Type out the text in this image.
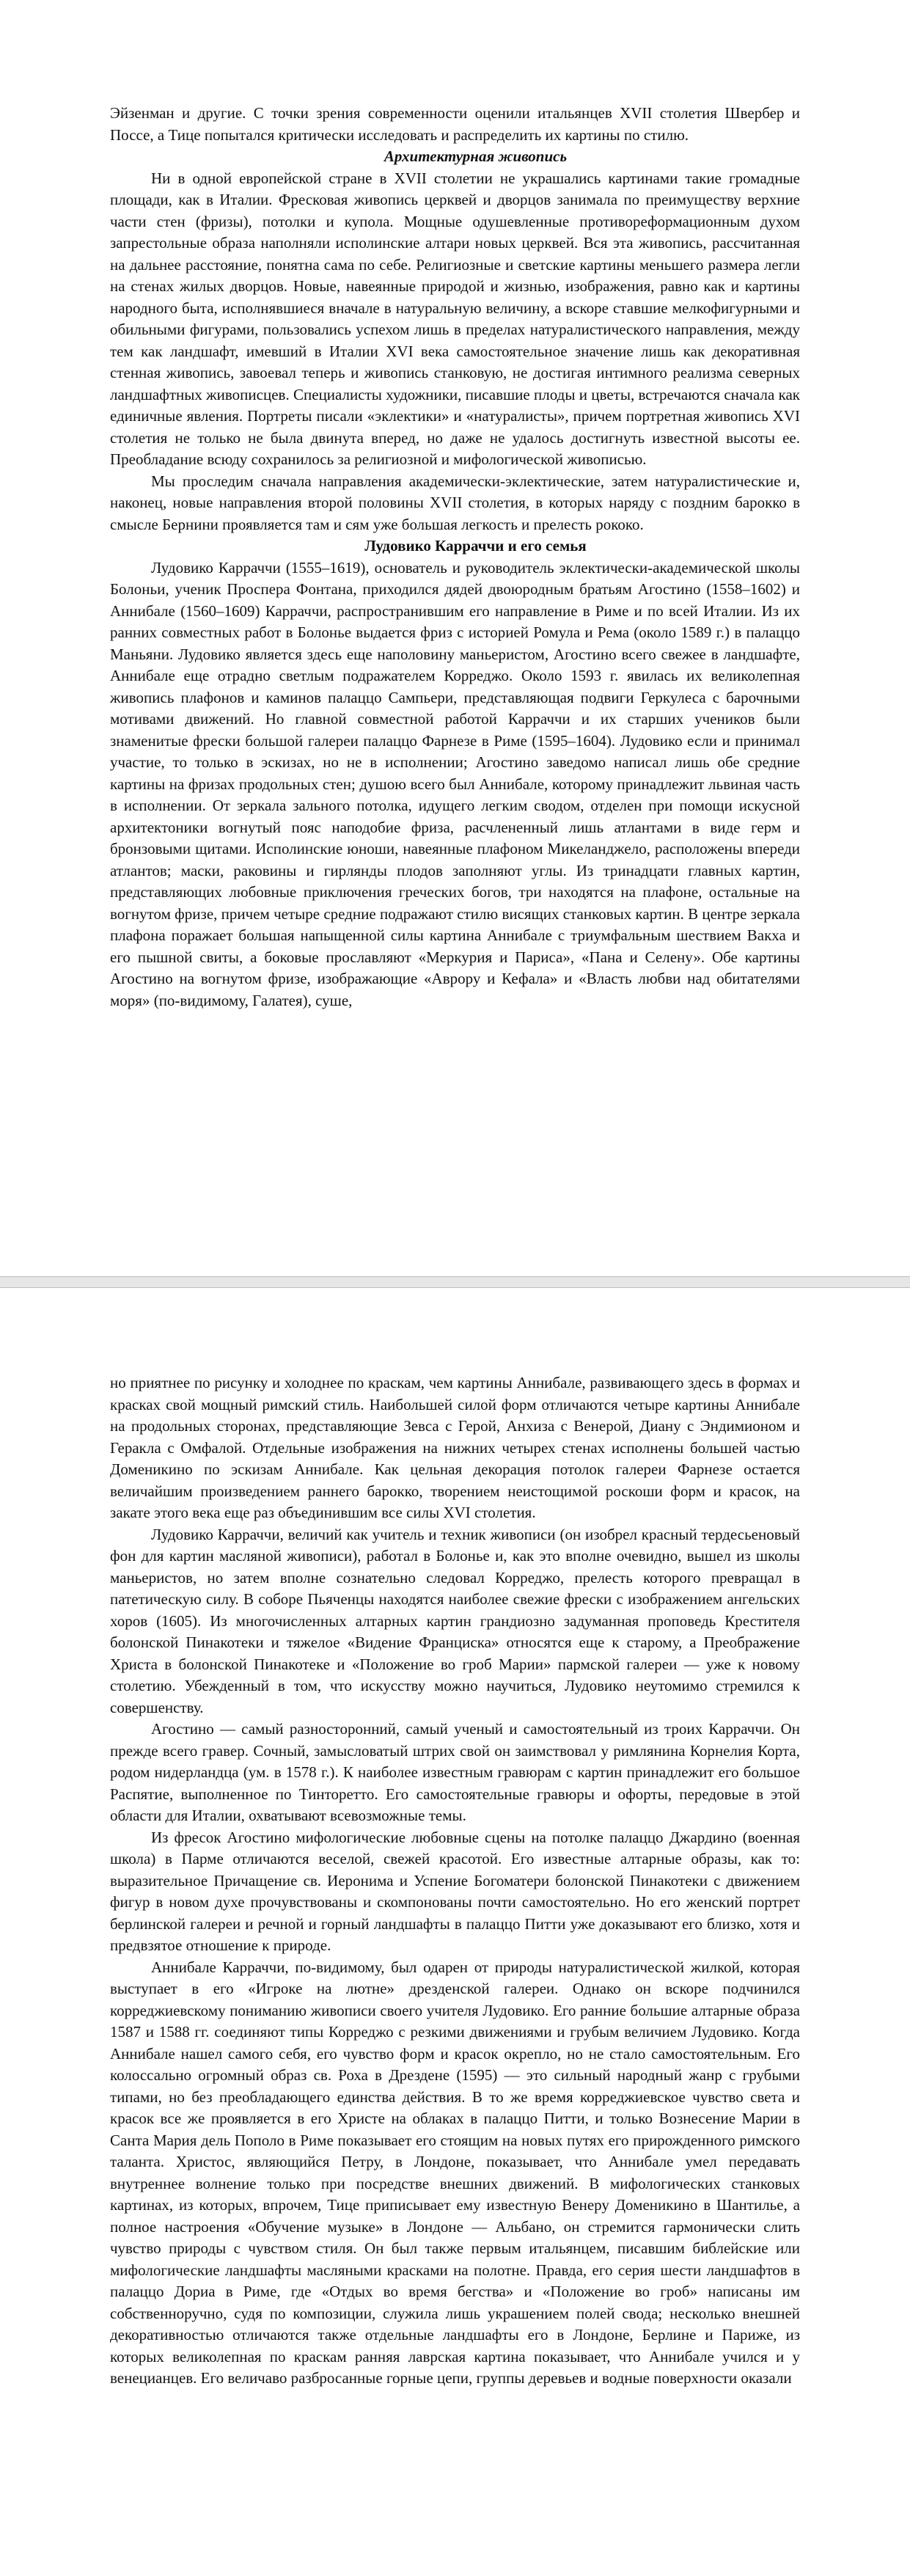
Эйзенман и другие. С точки зрения современности оценили итальянцев XVII столетия Швербер и Поссе, а Тице попытался критически исследовать и распределить их картины по стилю.

Архитектурная живопись

Ни в одной европейской стране в XVII столетии не украшались картинами такие громадные площади, как в Италии. Фресковая живопись церквей и дворцов занимала по преимуществу верхние части стен (фризы), потолки и купола. Мощные одушевленные противореформационным духом запрестольные образа наполняли исполинские алтари новых церквей. Вся эта живопись, рассчитанная на дальнее расстояние, понятна сама по себе. Религиозные и светские картины меньшего размера легли на стенах жилых дворцов. Новые, навеянные природой и жизнью, изображения, равно как и картины народного быта, исполнявшиеся вначале в натуральную величину, а вскоре ставшие мелкофигурными и обильными фигурами, пользовались успехом лишь в пределах натуралистического направления, между тем как ландшафт, имевший в Италии XVI века самостоятельное значение лишь как декоративная стенная живопись, завоевал теперь и живопись станковую, не достигая интимного реализма северных ландшафтных живописцев. Специалисты художники, писавшие плоды и цветы, встречаются сначала как единичные явления. Портреты писали «эклектики» и «натуралисты», причем портретная живопись XVI столетия не только не была двинута вперед, но даже не удалось достигнуть известной высоты ее. Преобладание всюду сохранилось за религиозной и мифологической живописью.

Мы проследим сначала направления академически-эклектические, затем натуралистические и, наконец, новые направления второй половины XVII столетия, в которых наряду с поздним барокко в смысле Бернини проявляется там и сям уже большая легкость и прелесть рококо.

Лудовико Карраччи и его семья

Лудовико Карраччи (1555–1619), основатель и руководитель эклектически-академической школы Болоньи, ученик Проспера Фонтана, приходился дядей двоюродным братьям Агостино (1558–1602) и Аннибале (1560–1609) Карраччи, распространившим его направление в Риме и по всей Италии. Из их ранних совместных работ в Болонье выдается фриз с историей Ромула и Рема (около 1589 г.) в палаццо Маньяни. Лудовико является здесь еще наполовину маньеристом, Агостино всего свежее в ландшафте, Аннибале еще отрадно светлым подражателем Корреджо. Около 1593 г. явилась их великолепная живопись плафонов и каминов палаццо Сампьери, представляющая подвиги Геркулеса с барочными мотивами движений. Но главной совместной работой Карраччи и их старших учеников были знаменитые фрески большой галереи палаццо Фарнезе в Риме (1595–1604). Лудовико если и принимал участие, то только в эскизах, но не в исполнении; Агостино заведомо написал лишь обе средние картины на фризах продольных стен; душою всего был Аннибале, которому принадлежит львиная часть в исполнении. От зеркала зального потолка, идущего легким сводом, отделен при помощи искусной архитектоники вогнутый пояс наподобие фриза, расчлененный лишь атлантами в виде герм и бронзовыми щитами. Исполинские юноши, навеянные плафоном Микеланджело, расположены впереди атлантов; маски, раковины и гирлянды плодов заполняют углы. Из тринадцати главных картин, представляющих любовные приключения греческих богов, три находятся на плафоне, остальные на вогнутом фризе, причем четыре средние подражают стилю висящих станковых картин. В центре зеркала плафона поражает большая напыщенной силы картина Аннибале с триумфальным шествием Вакха и его пышной свиты, а боковые прославляют «Меркурия и Париса», «Пана и Селену». Обе картины Агостино на вогнутом фризе, изображающие «Аврору и Кефала» и «Власть любви над обитателями моря» (по-видимому, Галатея), суше,

но приятнее по рисунку и холоднее по краскам, чем картины Аннибале, развивающего здесь в формах и красках свой мощный римский стиль. Наибольшей силой форм отличаются четыре картины Аннибале на продольных сторонах, представляющие Зевса с Герой, Анхиза с Венерой, Диану с Эндимионом и Геракла с Омфалой. Отдельные изображения на нижних четырех стенах исполнены большей частью Доменикино по эскизам Аннибале. Как цельная декорация потолок галереи Фарнезе остается величайшим произведением раннего барокко, творением неистощимой роскоши форм и красок, на закате этого века еще раз объединившим все силы XVI столетия.

Лудовико Карраччи, величий как учитель и техник живописи (он изобрел красный тердесьеновый фон для картин масляной живописи), работал в Болонье и, как это вполне очевидно, вышел из школы маньеристов, но затем вполне сознательно следовал Корреджо, прелесть которого превращал в патетическую силу. В соборе Пьяченцы находятся наиболее свежие фрески с изображением ангельских хоров (1605). Из многочисленных алтарных картин грандиозно задуманная проповедь Крестителя болонской Пинакотеки и тяжелое «Видение Франциска» относятся еще к старому, а Преображение Христа в болонской Пинакотеке и «Положение во гроб Марии» пармской галереи — уже к новому столетию. Убежденный в том, что искусству можно научиться, Лудовико неутомимо стремился к совершенству.

Агостино — самый разносторонний, самый ученый и самостоятельный из троих Карраччи. Он прежде всего гравер. Сочный, замысловатый штрих свой он заимствовал у римлянина Корнелия Корта, родом нидерландца (ум. в 1578 г.). К наиболее известным гравюрам с картин принадлежит его большое Распятие, выполненное по Тинторетто. Его самостоятельные гравюры и офорты, передовые в этой области для Италии, охватывают всевозможные темы.

Из фресок Агостино мифологические любовные сцены на потолке палаццо Джардино (военная школа) в Парме отличаются веселой, свежей красотой. Его известные алтарные образы, как то: выразительное Причащение св. Иеронима и Успение Богоматери болонской Пинакотеки с движением фигур в новом духе прочувствованы и скомпонованы почти самостоятельно. Но его женский портрет берлинской галереи и речной и горный ландшафты в палаццо Питти уже доказывают его близко, хотя и предвзятое отношение к природе.

Аннибале Карраччи, по-видимому, был одарен от природы натуралистической жилкой, которая выступает в его «Игроке на лютне» дрезденской галереи. Однако он вскоре подчинился корреджиевскому пониманию живописи своего учителя Лудовико. Его ранние большие алтарные образа 1587 и 1588 гг. соединяют типы Корреджо с резкими движениями и грубым величием Лудовико. Когда Аннибале нашел самого себя, его чувство форм и красок окрепло, но не стало самостоятельным. Его колоссально огромный образ св. Роха в Дрездене (1595) — это сильный народный жанр с грубыми типами, но без преобладающего единства действия. В то же время корреджиевское чувство света и красок все же проявляется в его Христе на облаках в палаццо Питти, и только Вознесение Марии в Санта Мария дель Пополо в Риме показывает его стоящим на новых путях его прирожденного римского таланта. Христос, являющийся Петру, в Лондоне, показывает, что Аннибале умел передавать внутреннее волнение только при посредстве внешних движений. В мифологических станковых картинах, из которых, впрочем, Тице приписывает ему известную Венеру Доменикино в Шантилье, а полное настроения «Обучение музыке» в Лондоне — Альбано, он стремится гармонически слить чувство природы с чувством стиля. Он был также первым итальянцем, писавшим библейские или мифологические ландшафты масляными красками на полотне. Правда, его серия шести ландшафтов в палаццо Дориа в Риме, где «Отдых во время бегства» и «Положение во гроб» написаны им собственноручно, судя по композиции, служила лишь украшением полей свода; несколько внешней декоративностью отличаются также отдельные ландшафты его в Лондоне, Берлине и Париже, из которых великолепная по краскам ранняя лаврская картина показывает, что Аннибале учился и у венецианцев. Его величаво разбросанные горные цепи, группы деревьев и водные поверхности оказали
